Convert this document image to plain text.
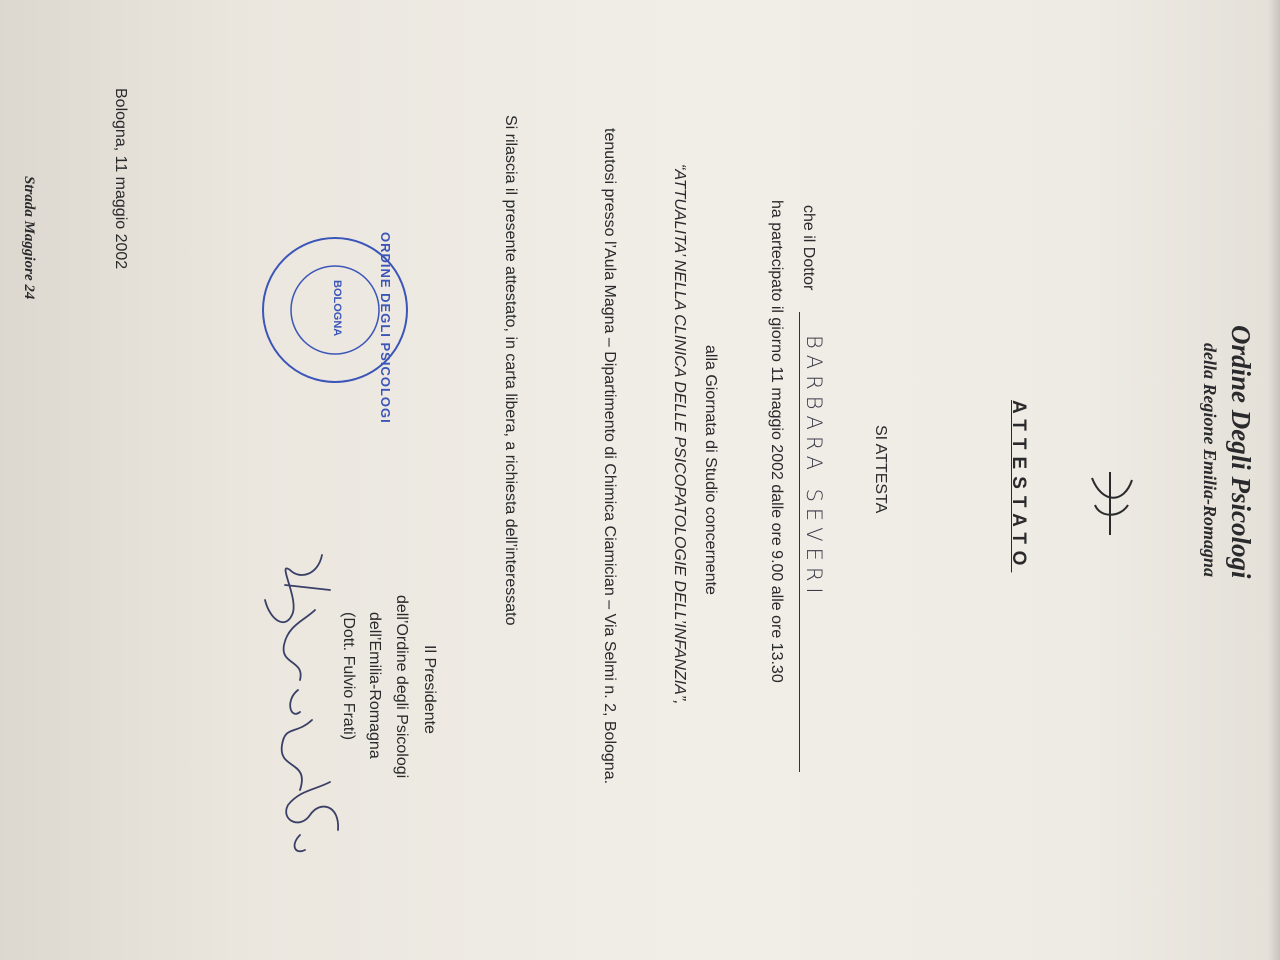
Ordine Degli Psicologi
della Regione Emilia-Romagna
ATTESTATO
SI ATTESTA
che il Dottor
BARBARA SEVERI
ha partecipato il giorno 11 maggio 2002 dalle ore 9.00 alle ore 13.30
alla Giornata di Studio concernente
“ATTUALITA’ NELLA CLINICA DELLE PSICOPATOLOGIE DELL’INFANZIA”,
tenutosi presso l’Aula Magna – Dipartimento di Chimica Ciamician – Via Selmi n. 2, Bologna.
Si rilascia il presente attestato, in carta libera, a richiesta dell’interessato
Il Presidente
dell’Ordine degli Psicologi
dell’Emilia-Romagna
(Dott. Fulvio Frati)
ORDINE DEGLI PSICOLOGI
BOLOGNA
Bologna, 11 maggio 2002
Strada Maggiore 24
